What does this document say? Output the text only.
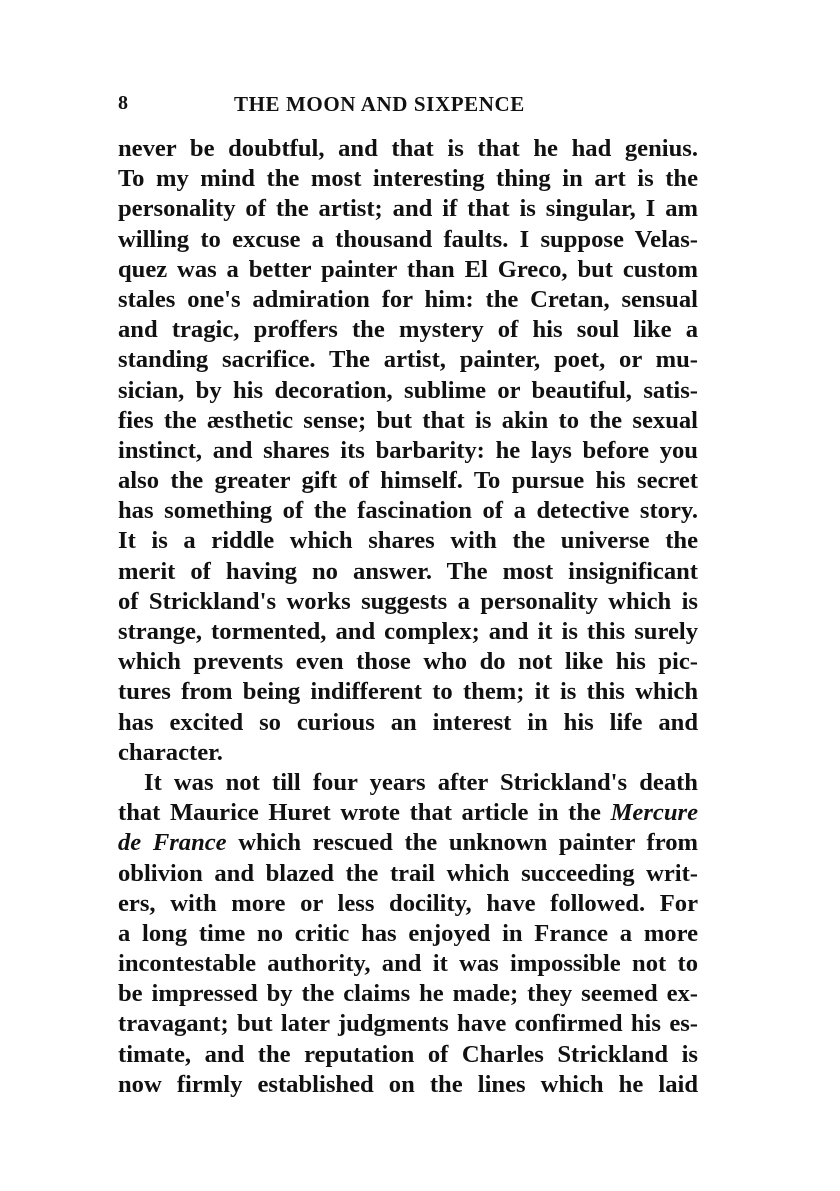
8	THE MOON AND SIXPENCE
never be doubtful, and that is that he had genius.
To my mind the most interesting thing in art is the
personality of the artist; and if that is singular, I am
willing to excuse a thousand faults. I suppose Velas-
quez was a better painter than El Greco, but custom
stales one's admiration for him: the Cretan, sensual
and tragic, proffers the mystery of his soul like a
standing sacrifice. The artist, painter, poet, or mu-
sician, by his decoration, sublime or beautiful, satis-
fies the æsthetic sense; but that is akin to the sexual
instinct, and shares its barbarity: he lays before you
also the greater gift of himself. To pursue his secret
has something of the fascination of a detective story.
It is a riddle which shares with the universe the
merit of having no answer. The most insignificant
of Strickland's works suggests a personality which is
strange, tormented, and complex; and it is this surely
which prevents even those who do not like his pic-
tures from being indifferent to them; it is this which
has excited so curious an interest in his life and
character.
It was not till four years after Strickland's death
that Maurice Huret wrote that article in the Mercure
de France which rescued the unknown painter from
oblivion and blazed the trail which succeeding writ-
ers, with more or less docility, have followed. For
a long time no critic has enjoyed in France a more
incontestable authority, and it was impossible not to
be impressed by the claims he made; they seemed ex-
travagant; but later judgments have confirmed his es-
timate, and the reputation of Charles Strickland is
now firmly established on the lines which he laid
